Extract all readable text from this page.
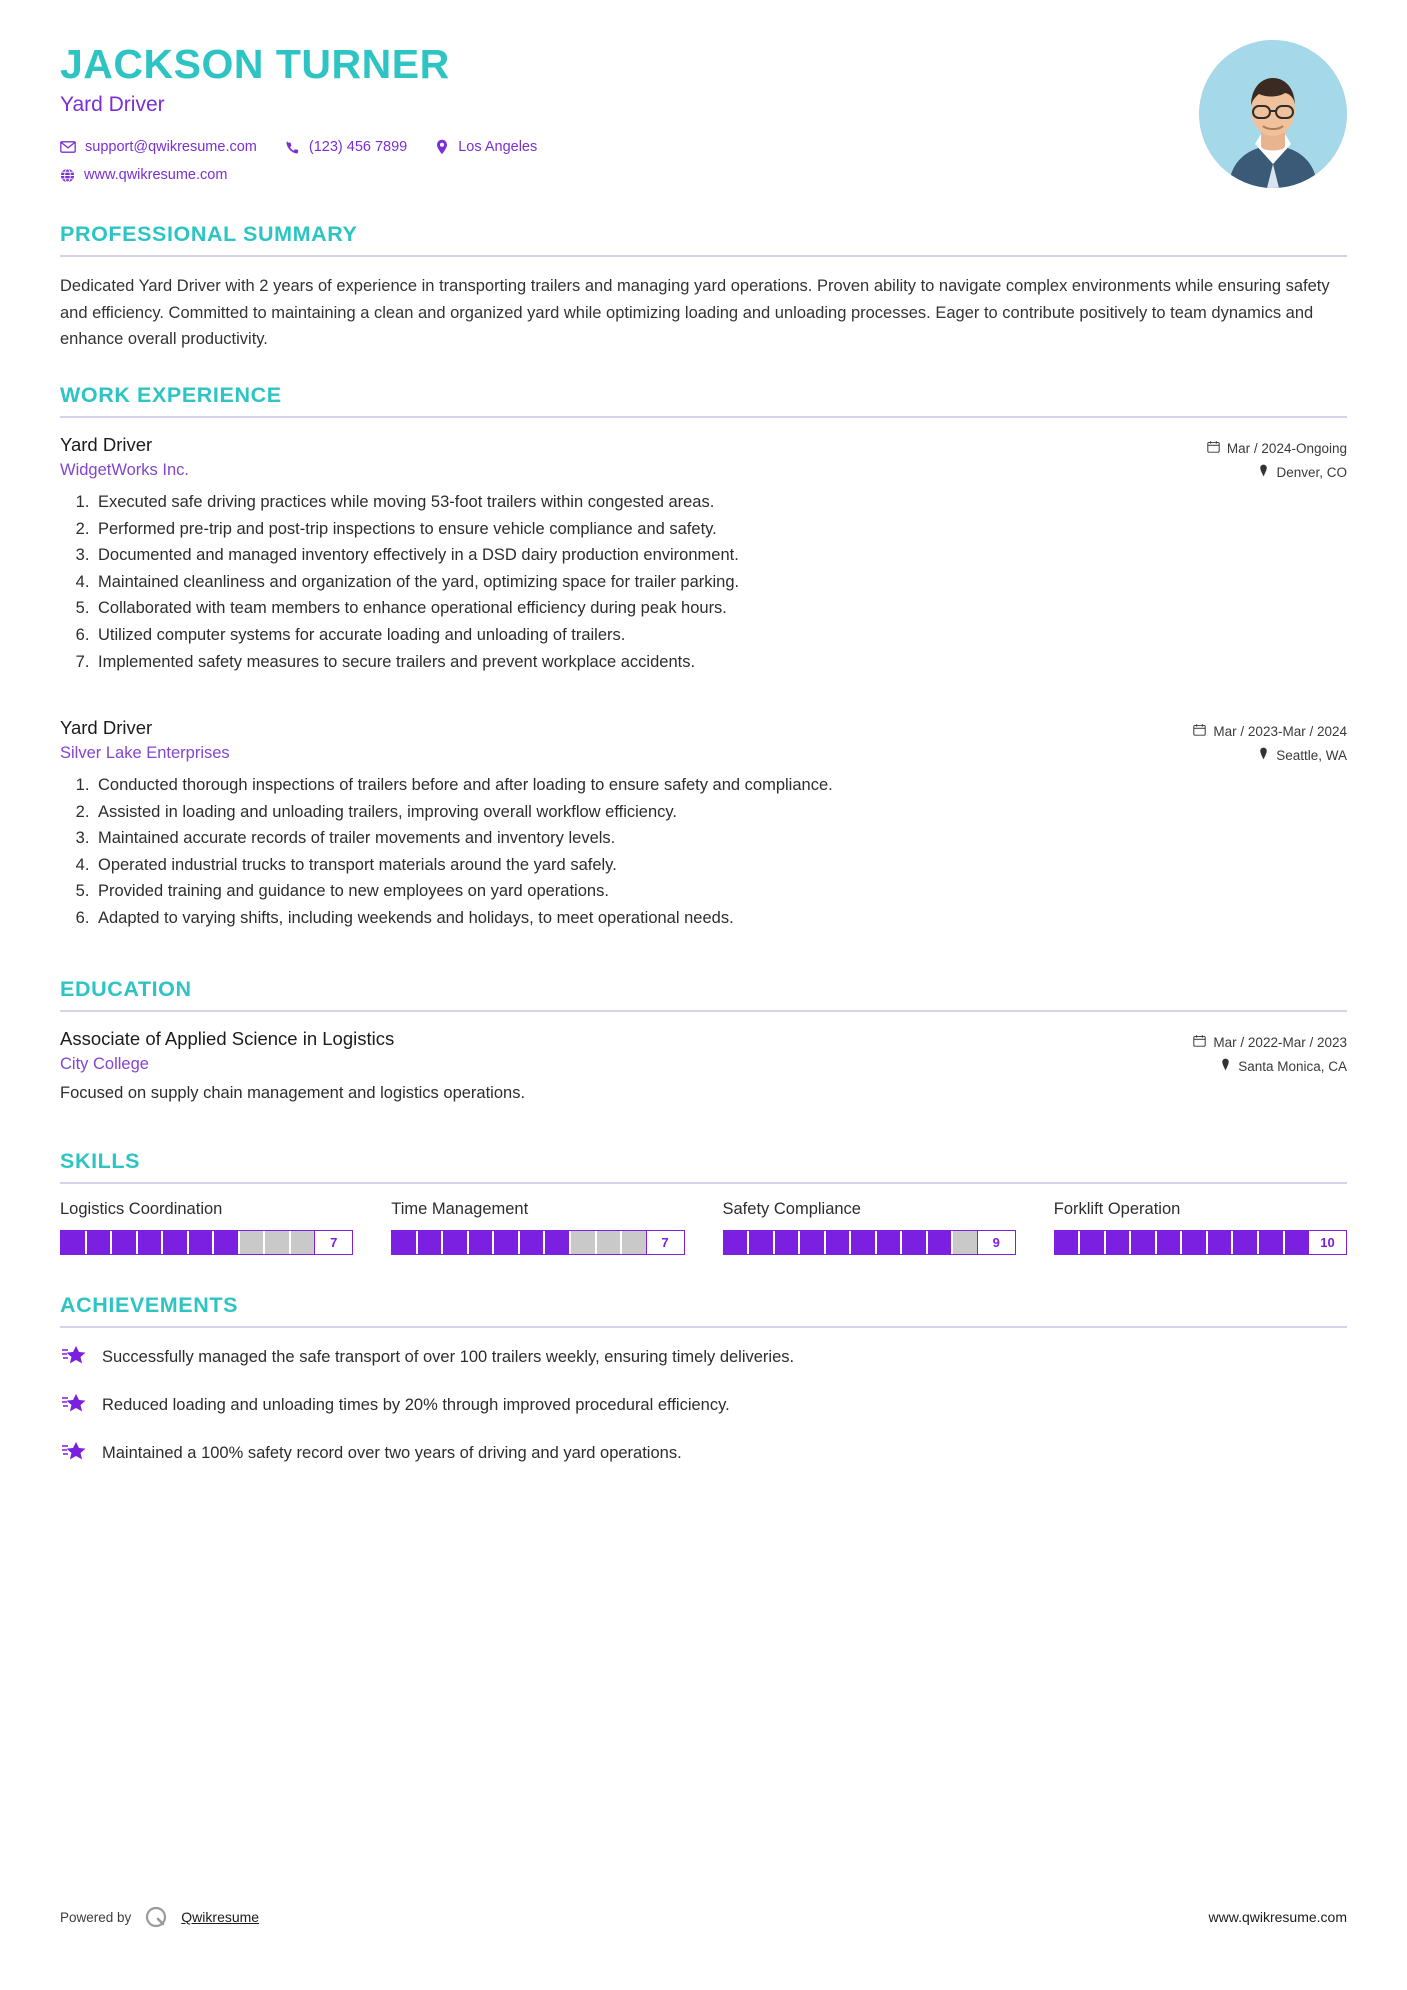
JACKSON TURNER
Yard Driver
support@qwikresume.com	(123) 456 7899	Los Angeles
www.qwikresume.com
PROFESSIONAL SUMMARY

Dedicated Yard Driver with 2 years of experience in transporting trailers and managing yard operations. Proven ability to navigate complex environments while ensuring safety and efficiency. Committed to maintaining a clean and organized yard while optimizing loading and unloading processes. Eager to contribute positively to team dynamics and enhance overall productivity.

WORK EXPERIENCE
Yard Driver
WidgetWorks Inc.
Mar / 2024-Ongoing
Denver, CO
1. Executed safe driving practices while moving 53-foot trailers within congested areas.
2. Performed pre-trip and post-trip inspections to ensure vehicle compliance and safety.
3. Documented and managed inventory effectively in a DSD dairy production environment.
4. Maintained cleanliness and organization of the yard, optimizing space for trailer parking.
5. Collaborated with team members to enhance operational efficiency during peak hours.
6. Utilized computer systems for accurate loading and unloading of trailers.
7. Implemented safety measures to secure trailers and prevent workplace accidents.
Yard Driver
Silver Lake Enterprises
Mar / 2023-Mar / 2024
Seattle, WA
1. Conducted thorough inspections of trailers before and after loading to ensure safety and compliance.
2. Assisted in loading and unloading trailers, improving overall workflow efficiency.
3. Maintained accurate records of trailer movements and inventory levels.
4. Operated industrial trucks to transport materials around the yard safely.
5. Provided training and guidance to new employees on yard operations.
6. Adapted to varying shifts, including weekends and holidays, to meet operational needs.
EDUCATION
Associate of Applied Science in Logistics
City College
Mar / 2022-Mar / 2023
Santa Monica, CA

Focused on supply chain management and logistics operations.

SKILLS
Logistics Coordination
7
Time Management
7
Safety Compliance
9
Forklift Operation
10
ACHIEVEMENTS
Successfully managed the safe transport of over 100 trailers weekly, ensuring timely deliveries.
Reduced loading and unloading times by 20% through improved procedural efficiency.
Maintained a 100% safety record over two years of driving and yard operations.
Powered by	Qwikresume	www.qwikresume.com
